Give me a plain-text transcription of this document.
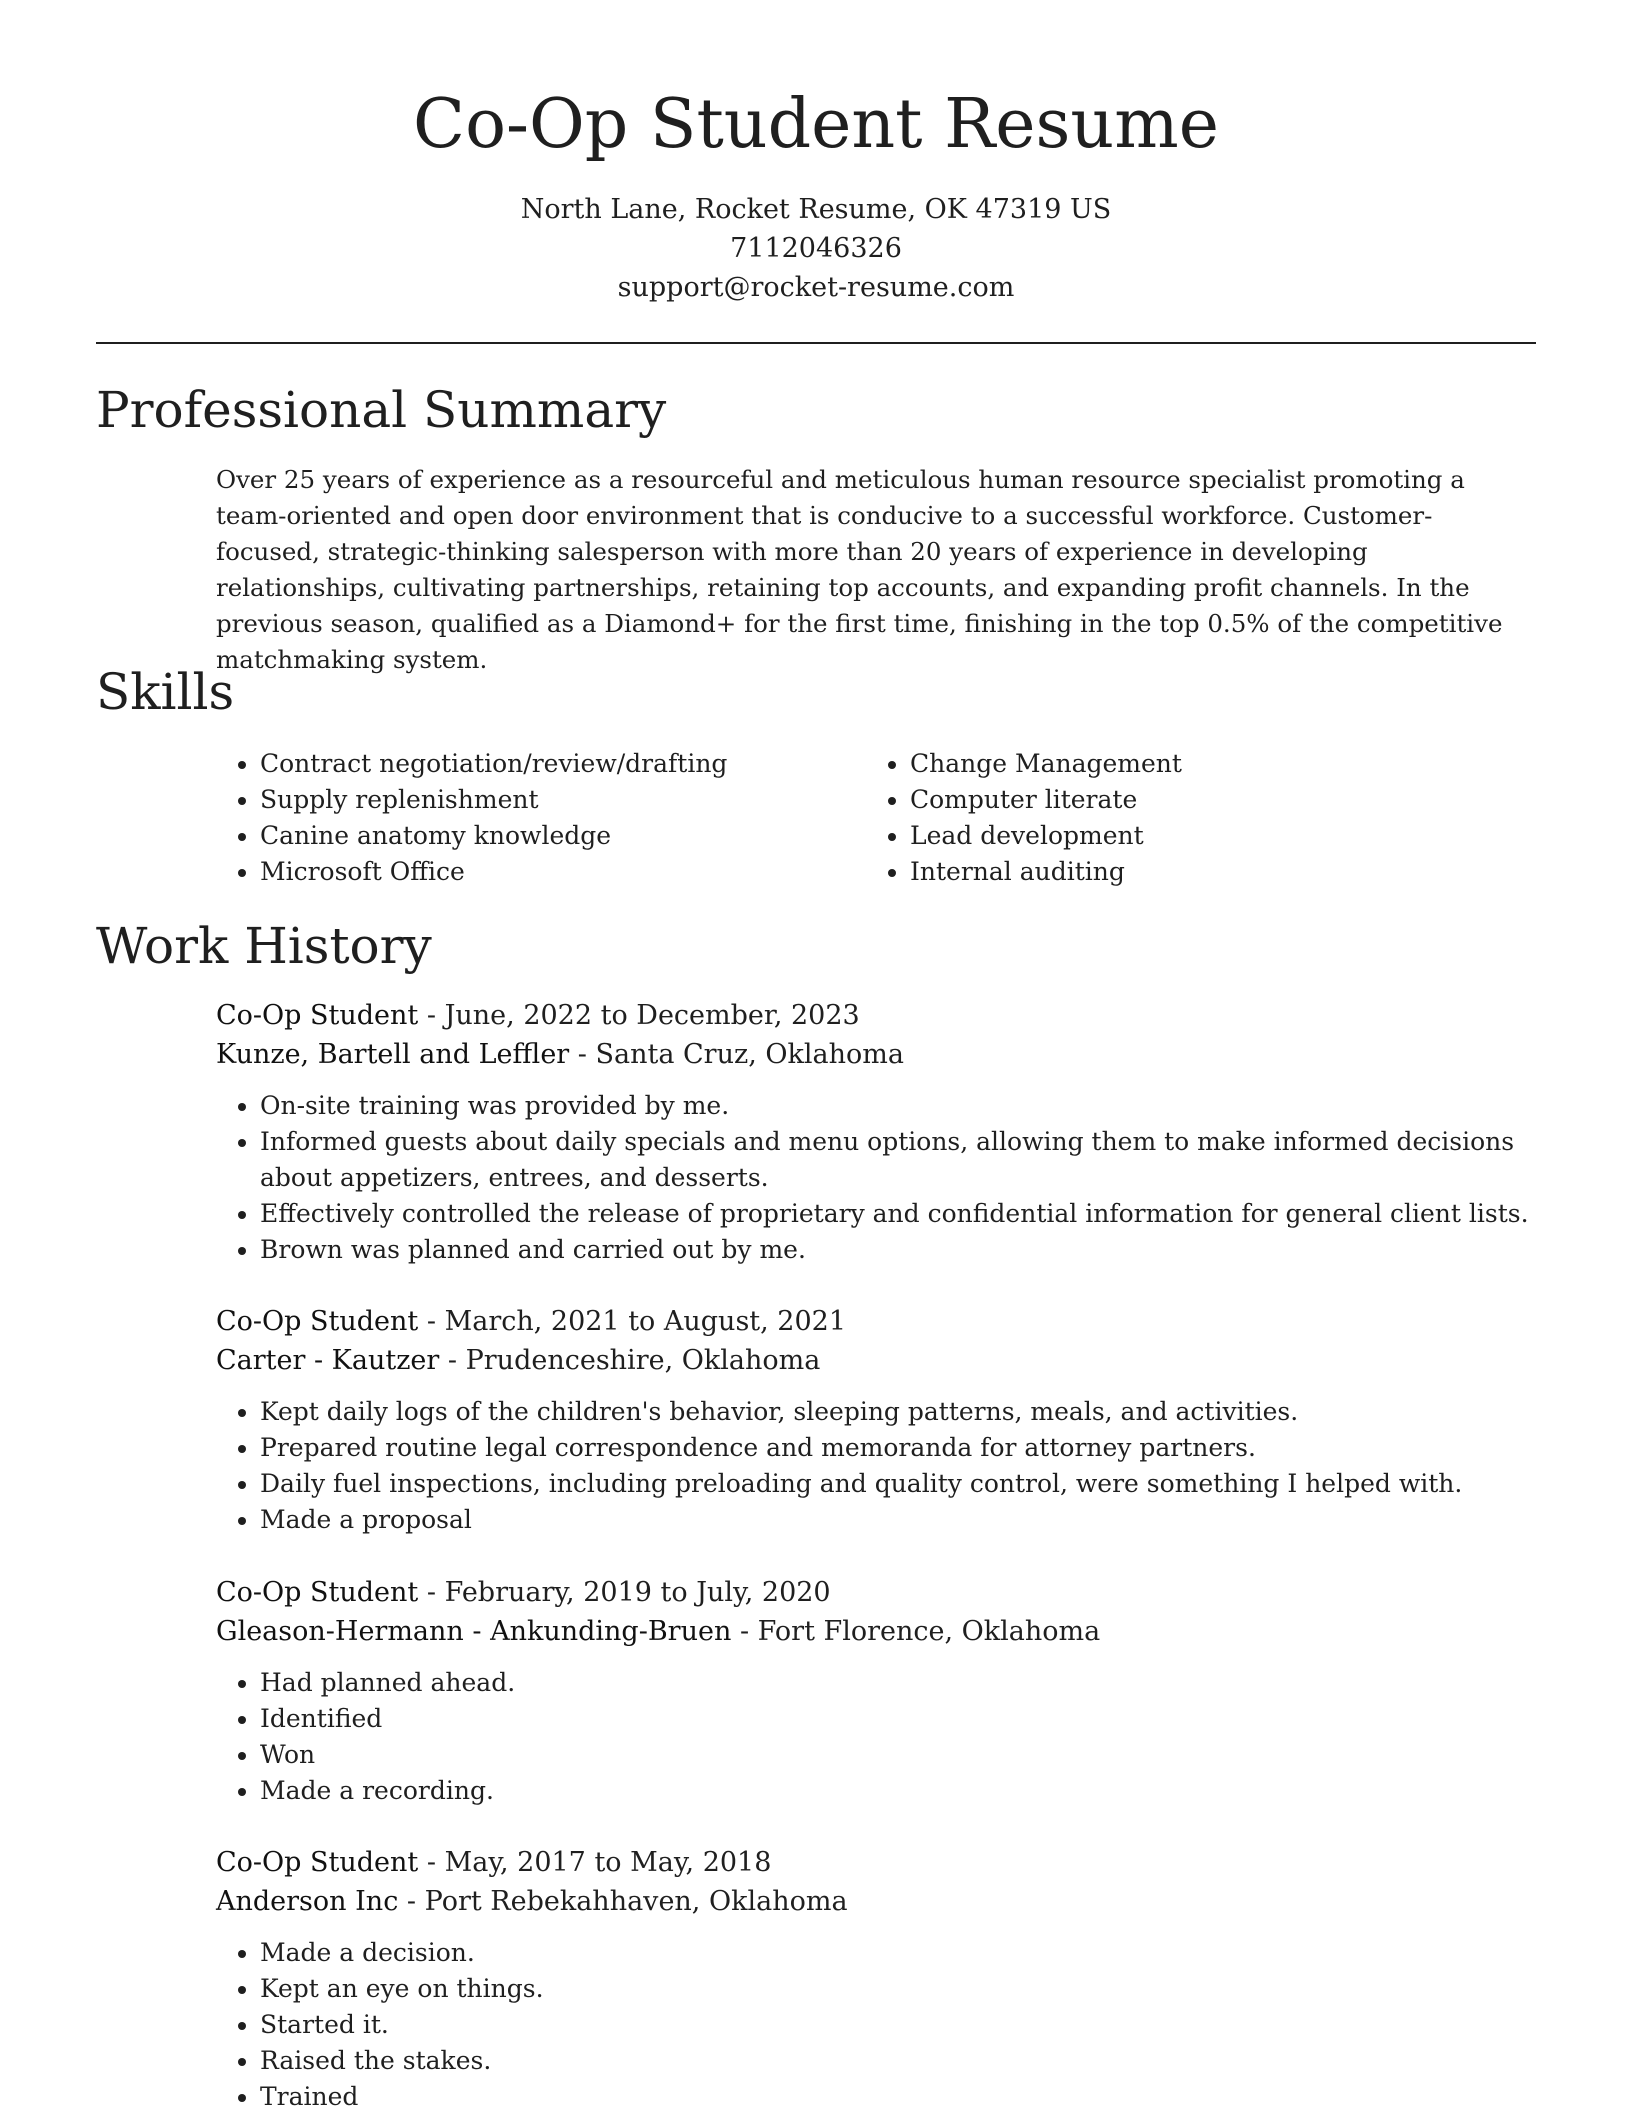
Co-Op Student Resume
North Lane, Rocket Resume, OK 47319 US
7112046326
support@rocket-resume.com
Professional Summary

Over 25 years of experience as a resourceful and meticulous human resource specialist promoting a team-oriented and open door environment that is conducive to a successful workforce. Customer-focused, strategic-thinking salesperson with more than 20 years of experience in developing relationships, cultivating partnerships, retaining top accounts, and expanding profit channels. In the previous season, qualified as a Diamond+ for the first time, finishing in the top 0.5% of the competitive matchmaking system.

Skills
• Contract negotiation/review/drafting
• Supply replenishment
• Canine anatomy knowledge
• Microsoft Office
• Change Management
• Computer literate
• Lead development
• Internal auditing
Work History
Co-Op Student - June, 2022 to December, 2023
Kunze, Bartell and Leffler - Santa Cruz, Oklahoma
• On-site training was provided by me.
• Informed guests about daily specials and menu options, allowing them to make informed decisions about appetizers, entrees, and desserts.
• Effectively controlled the release of proprietary and confidential information for general client lists.
• Brown was planned and carried out by me.
Co-Op Student - March, 2021 to August, 2021
Carter - Kautzer - Prudenceshire, Oklahoma
• Kept daily logs of the children's behavior, sleeping patterns, meals, and activities.
• Prepared routine legal correspondence and memoranda for attorney partners.
• Daily fuel inspections, including preloading and quality control, were something I helped with.
• Made a proposal
Co-Op Student - February, 2019 to July, 2020
Gleason-Hermann - Ankunding-Bruen - Fort Florence, Oklahoma
• Had planned ahead.
• Identified
• Won
• Made a recording.
Co-Op Student - May, 2017 to May, 2018
Anderson Inc - Port Rebekahhaven, Oklahoma
• Made a decision.
• Kept an eye on things.
• Started it.
• Raised the stakes.
• Trained
